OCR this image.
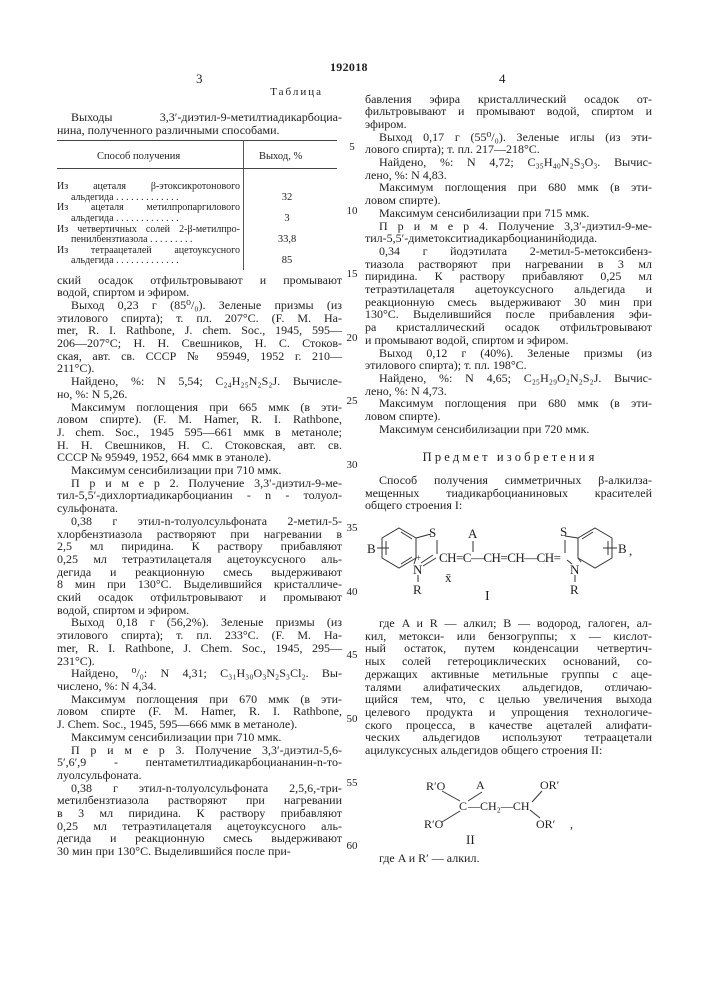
192018
3	4
5
10
15
20
25
30
35
40
45
50
55
60
Таблица
Выходы 3,3′-диэтил-9-метилтиадикарбоциа-
нина, полученного различными способами.
Способ получения	Выход, %
Из ацеталя β-этоксикротонового
альдегида . . . . . . . . . . . . .	32
Из ацеталя метилпропаргилового
альдегида . . . . . . . . . . . . .	3
Из четвертичных солей 2-β-метилпро-
пенилбензтиазола . . . . . . . . .	33,8
Из тетраацеталей ацетоуксусного
альдегида . . . . . . . . . . . . .	85
ский осадок отфильтровывают и промывают
водой, спиртом и эфиром.
Выход 0,23 г (85⁰/₀). Зеленые призмы (из
этилового спирта); т. пл. 207°С. (F. M. Ha-
mer, R. I. Rathbone, J. chem. Soc., 1945, 595—
206—207°С; Н. Н. Свешников, Н. С. Стоков-
ская, авт. св. СССР № 95949, 1952 г. 210—
211°С).
Найдено, %: N 5,54; C₂₄H₂₅N₂S₂J. Вычисле-
но, %: N 5,26.
Максимум поглощения при 665 ммк (в эти-
ловом спирте). (F. M. Hamer, R. I. Rathbone,
J. chem. Soc., 1945 595—661 ммк в метаноле;
Н. Н. Свешников, Н. С. Стоковская, авт. св.
СССР № 95949, 1952, 664 ммк в этаноле).
Максимум сенсибилизации при 710 ммк.
П р и м е р 2. Получение 3,3′-диэтил-9-ме-
тил-5,5′-дихлортиадикарбоцианин - n - толуол-
сульфоната.
0,38 г этил-n-толуолсульфоната 2-метил-5-
хлорбензтиазола растворяют при нагревании в
2,5 мл пиридина. К раствору прибавляют
0,25 мл тетраэтилацеталя ацетоуксусного аль-
дегида и реакционную смесь выдерживают
8 мин при 130°С. Выделившийся кристалличе-
ский осадок отфильтровывают и промывают
водой, спиртом и эфиром.
Выход 0,18 г (56,2%). Зеленые призмы (из
этилового спирта); т. пл. 233°С. (F. M. Ha-
mer, R. I. Rathbone, J. Chem. Soc., 1945, 295—
231°С).
Найдено, ⁰/₀: N 4,31; C₃₁H₃₀O₃N₂S₃Cl₂. Вы-
числено, %: N 4,34.
Максимум поглощения при 670 ммк (в эти-
ловом спирте (F. M. Hamer, R. I. Rathbone,
J. Chem. Soc., 1945, 595—666 ммк в метаноле).
Максимум сенсибилизации при 710 ммк.
П р и м е р 3. Получение 3,3′-диэтил-5,6-
5′,6′,9 - пентаметилтиадикарбоцианaнин-n-то-
луолсульфоната.
0,38 г этил-n-толуолсульфоната 2,5,6,-три-
метилбензтиазола растворяют при нагревании
в 3 мл пиридина. К раствору прибавляют
0,25 мл тетраэтилацеталя ацетоуксусного аль-
дегида и реакционную смесь выдерживают
30 мин при 130°С. Выделившийся после при-
бавления эфира кристаллический осадок от-
фильтровывают и промывают водой, спиртом и
эфиром.
Выход 0,17 г (55⁰/₀). Зеленые иглы (из эти-
лового спирта); т. пл. 217—218°С.
Найдено, %: N 4,72; C₃₅H₄₀N₂S₃O₃. Вычис-
лено, %: N 4,83.
Максимум поглощения при 680 ммк (в эти-
ловом спирте).
Максимум сенсибилизации при 715 ммк.
П р и м е р 4. Получение 3,3′-диэтил-9-ме-
тил-5,5′-диметокситиадикарбоцианинйодида.
0,34 г йодэтилата 2-метил-5-метоксибенз-
тиазола растворяют при нагревании в 3 мл
пиридина. К раствору прибавляют 0,25 мл
тетраэтилацеталя ацетоуксусного альдегида и
реакционную смесь выдерживают 30 мин при
130°С. Выделившийся после прибавления эфи-
ра кристаллический осадок отфильтровывают
и промывают водой, спиртом и эфиром.
Выход 0,12 г (40%). Зеленые призмы (из
этилового спирта); т. пл. 198°С.
Найдено, %: N 4,65; C₂₅H₂₉O₂N₂S₂J. Вычис-
лено, %: N 4,73.
Максимум поглощения при 680 ммк (в эти-
ловом спирте).
Максимум сенсибилизации при 720 ммк.
П р е д м е т   и з о б р е т е н и я
Способ получения симметричных β-алкилза-
мещенных тиадикарбоцианиновых красителей
общего строения I:
B
S
+
N
R
CH=C—CH=CH—CH=
A
x̄
S
N
R
B ,
I
где A и R — алкил; B — водород, галоген, ал-
кил, метокси- или бензогруппы; х — кислот-
ный остаток, путем конденсации четвертич-
ных солей гетероциклических оснований, со-
держащих активные метильные группы с аце-
талями алифатических альдегидов, отличаю-
щийся тем, что, с целью увеличения выхода
целевого продукта и упрощения технологиче-
ского процесса, в качестве ацеталей алифати-
ческих альдегидов используют тетраацетали
ацилуксусных альдегидов общего строения II:
R′O	A	OR′
C —CH₂—CH
R′O	OR′ ,
II
где A и R′ — алкил.
